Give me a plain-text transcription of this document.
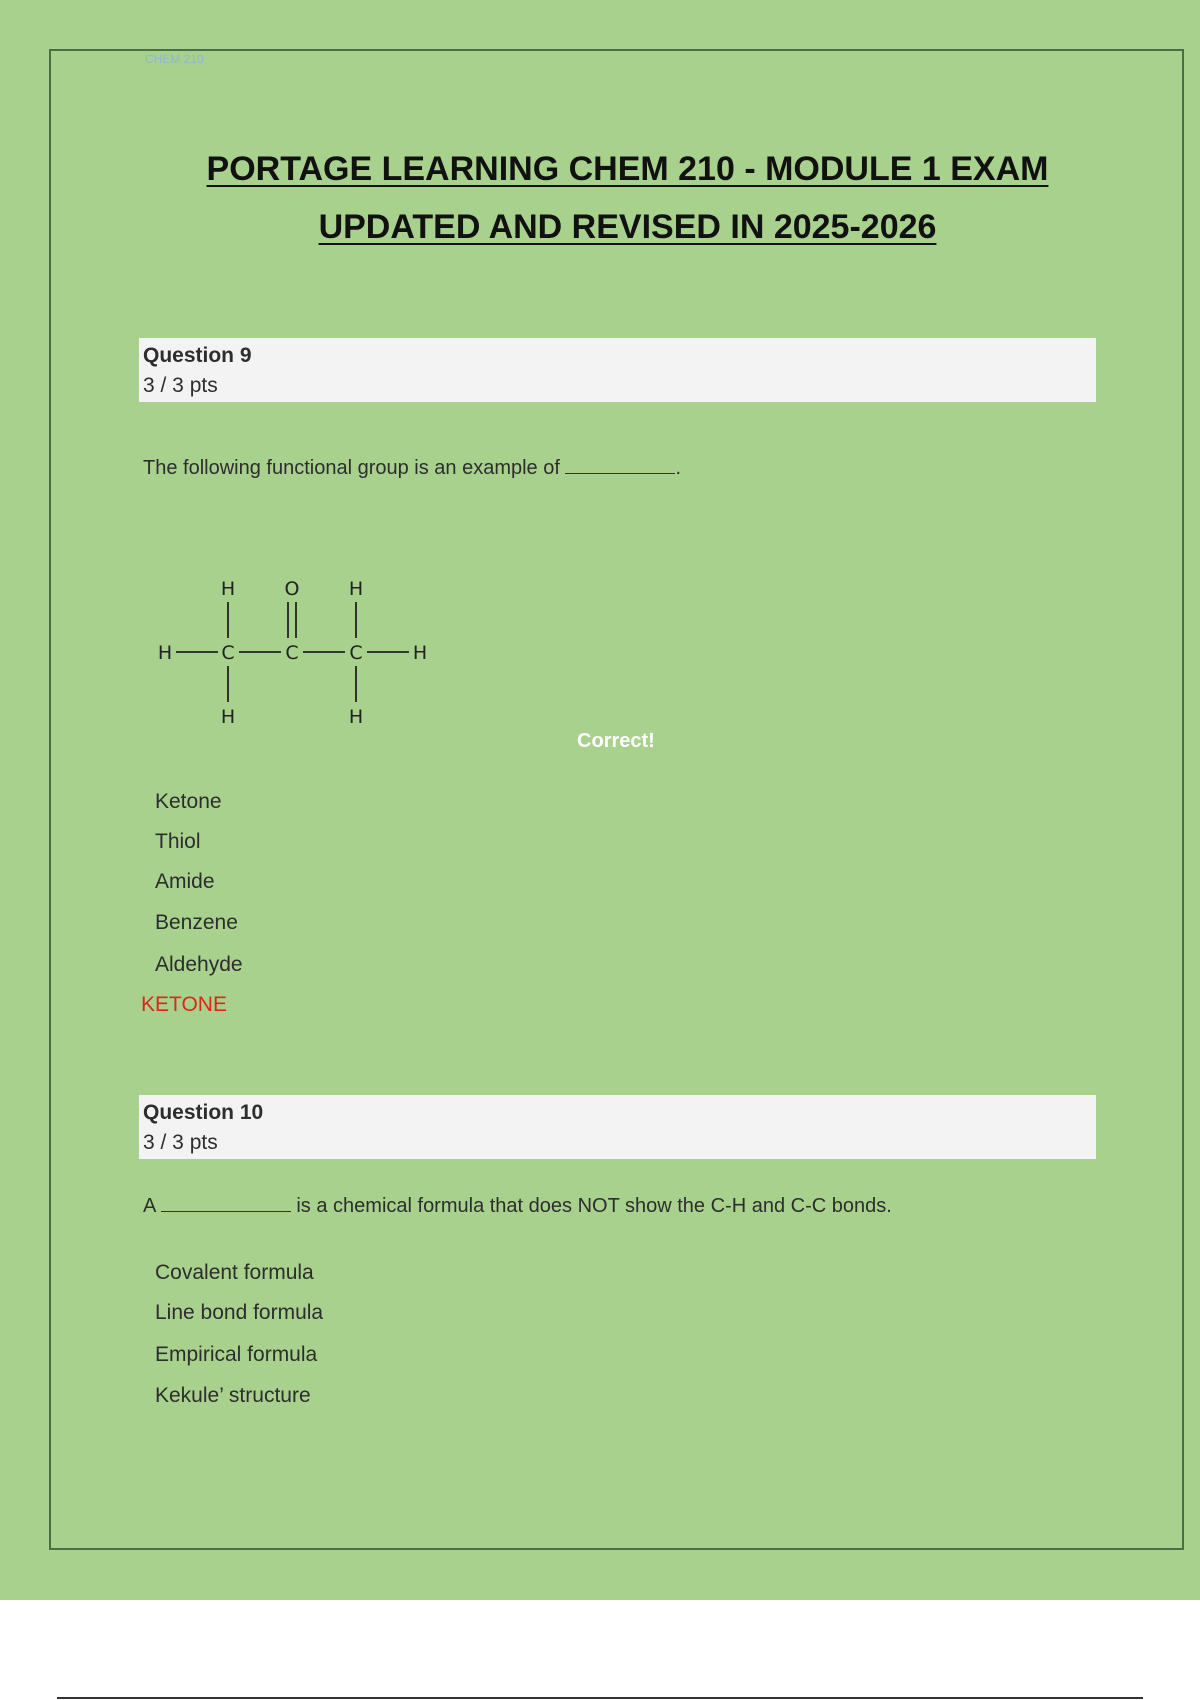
CHEM 210
PORTAGE LEARNING CHEM 210 - MODULE 1 EXAM
UPDATED AND REVISED IN 2025-2026
Question 9
3 / 3 pts
The following functional group is an example of	.
H	O	H
H	C	C	C	H
H	H
Correct!
Ketone
Thiol
Amide
Benzene
Aldehyde
KETONE
Question 10
3 / 3 pts
A	is a chemical formula that does NOT show the C-H and C-C bonds.
Covalent formula
Line bond formula
Empirical formula
Kekule’ structure
